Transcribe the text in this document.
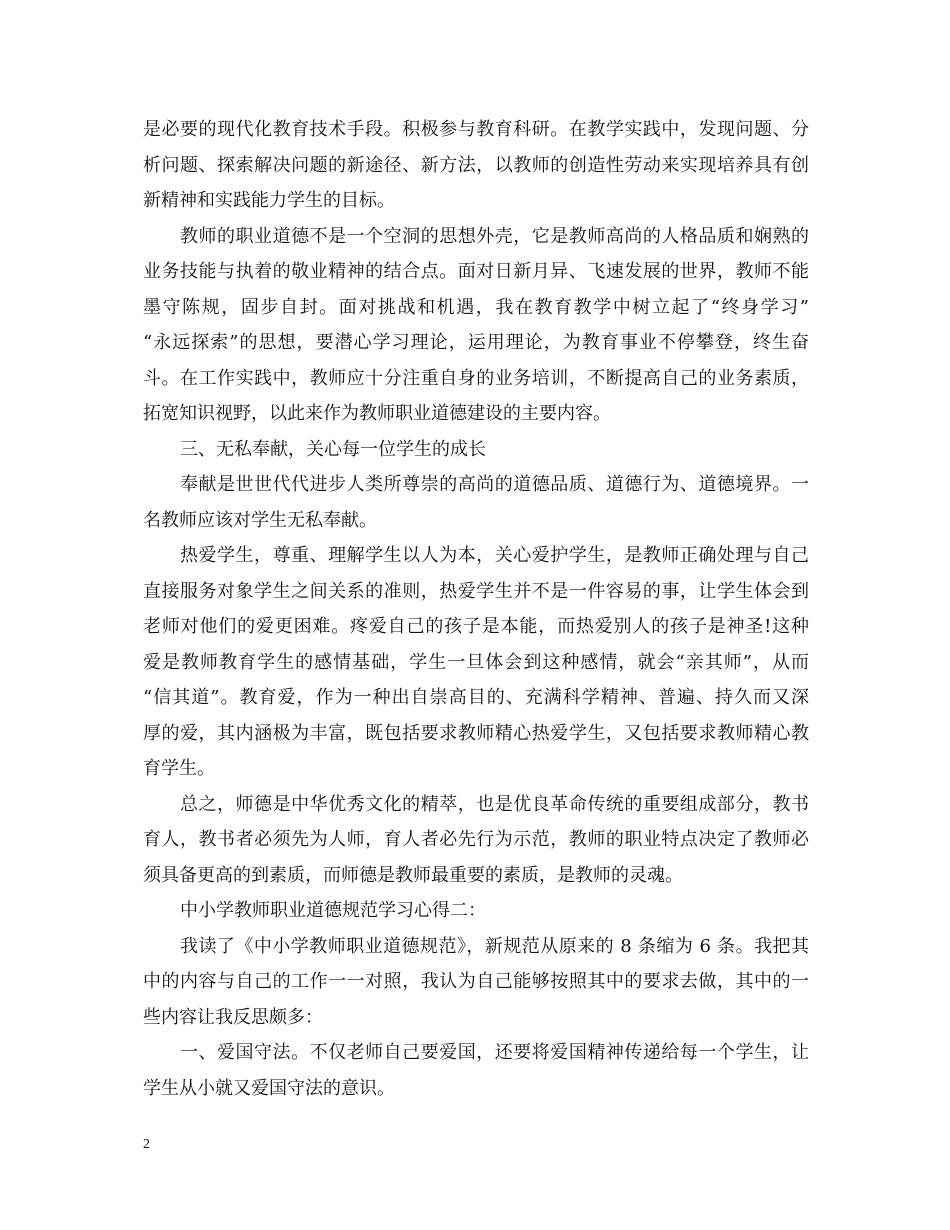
是必要的现代化教育技术手段。积极参与教育科研。在教学实践中，发现问题、分
析问题、探索解决问题的新途径、新方法，以教师的创造性劳动来实现培养具有创
新精神和实践能力学生的目标。
教师的职业道德不是一个空洞的思想外壳，它是教师高尚的人格品质和娴熟的
业务技能与执着的敬业精神的结合点。面对日新月异、飞速发展的世界，教师不能
墨守陈规，固步自封。面对挑战和机遇，我在教育教学中树立起了“终身学习”
“永远探索”的思想，要潜心学习理论，运用理论，为教育事业不停攀登，终生奋
斗。在工作实践中，教师应十分注重自身的业务培训，不断提高自己的业务素质，
拓宽知识视野，以此来作为教师职业道德建设的主要内容。
三、无私奉献，关心每一位学生的成长
奉献是世世代代进步人类所尊崇的高尚的道德品质、道德行为、道德境界。一
名教师应该对学生无私奉献。
热爱学生，尊重、理解学生以人为本，关心爱护学生，是教师正确处理与自己
直接服务对象学生之间关系的准则，热爱学生并不是一件容易的事，让学生体会到
老师对他们的爱更困难。疼爱自己的孩子是本能，而热爱别人的孩子是神圣!这种
爱是教师教育学生的感情基础，学生一旦体会到这种感情，就会“亲其师”，从而
“信其道”。教育爱，作为一种出自崇高目的、充满科学精神、普遍、持久而又深
厚的爱，其内涵极为丰富，既包括要求教师精心热爱学生，又包括要求教师精心教
育学生。
总之，师德是中华优秀文化的精萃，也是优良革命传统的重要组成部分，教书
育人，教书者必须先为人师，育人者必先行为示范，教师的职业特点决定了教师必
须具备更高的到素质，而师德是教师最重要的素质，是教师的灵魂。
中小学教师职业道德规范学习心得二：
我读了《中小学教师职业道德规范》，新规范从原来的 8 条缩为 6 条。我把其
中的内容与自己的工作一一对照，我认为自己能够按照其中的要求去做，其中的一
些内容让我反思颇多：
一、爱国守法。不仅老师自己要爱国，还要将爱国精神传递给每一个学生，让
学生从小就又爱国守法的意识。
2
